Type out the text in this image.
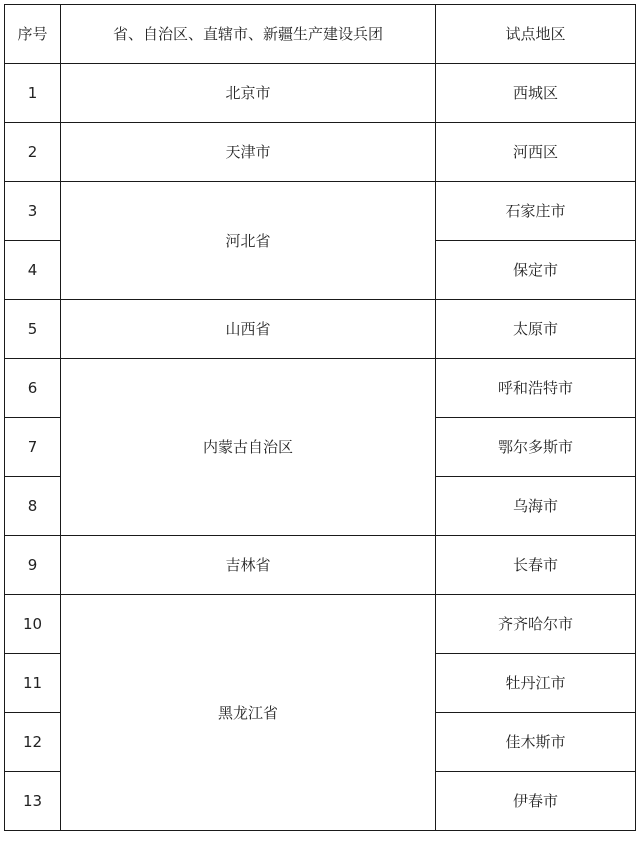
序号	省、自治区、直辖市、新疆生产建设兵团	试点地区
1	北京市	西城区
2	天津市	河西区
3	河北省	石家庄市
4		保定市
5	山西省	太原市
6	内蒙古自治区	呼和浩特市
7		鄂尔多斯市
8		乌海市
9	吉林省	长春市
10	黑龙江省	齐齐哈尔市
11		牡丹江市
12		佳木斯市
13		伊春市
